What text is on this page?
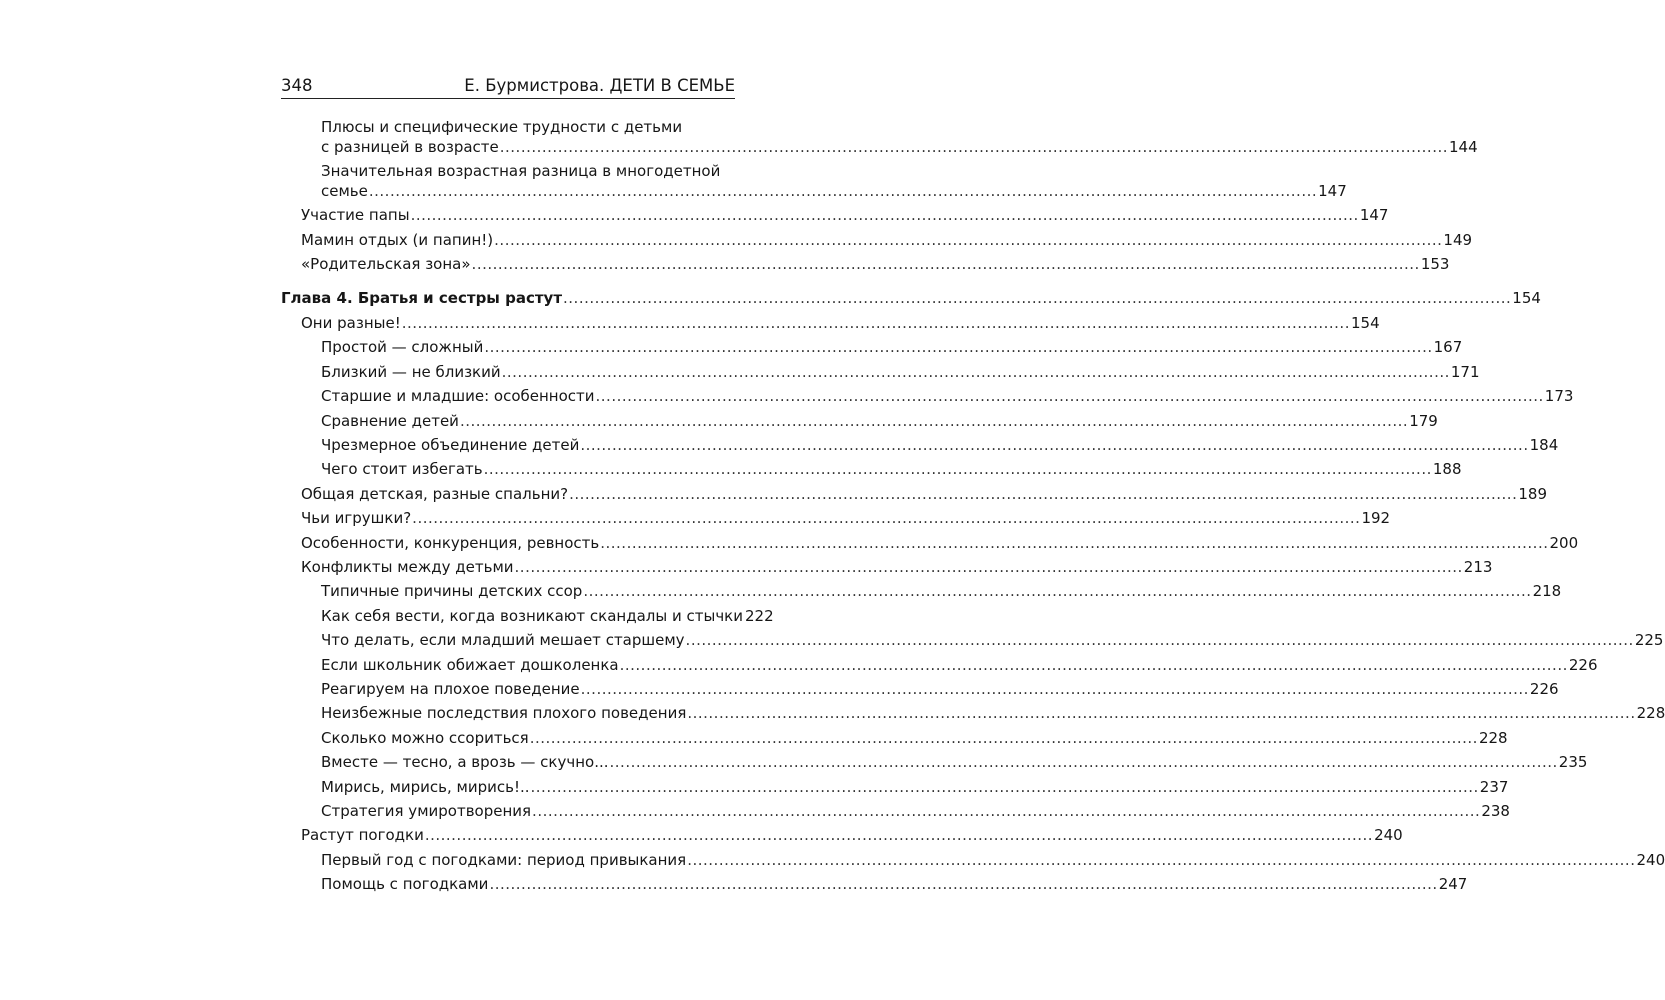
348	Е. Бурмистрова. ДЕТИ В СЕМЬЕ
Плюсы и специфические трудности с детьми
с разницей в возрасте .................................................................................................................................................................................... 144
Значительная возрастная разница в многодетной
семье .................................................................................................................................................................................... 147
Участие папы .................................................................................................................................................................................... 147
Мамин отдых (и папин!) .................................................................................................................................................................................... 149
«Родительская зона» .................................................................................................................................................................................... 153
Глава 4. Братья и сестры растут .................................................................................................................................................................................... 154
Они разные! .................................................................................................................................................................................... 154
Простой — сложный .................................................................................................................................................................................... 167
Близкий — не близкий .................................................................................................................................................................................... 171
Старшие и младшие: особенности .................................................................................................................................................................................... 173
Сравнение детей .................................................................................................................................................................................... 179
Чрезмерное объединение детей .................................................................................................................................................................................... 184
Чего стоит избегать .................................................................................................................................................................................... 188
Общая детская, разные спальни? .................................................................................................................................................................................... 189
Чьи игрушки? .................................................................................................................................................................................... 192
Особенности, конкуренция, ревность .................................................................................................................................................................................... 200
Конфликты между детьми .................................................................................................................................................................................... 213
Типичные причины детских ссор .................................................................................................................................................................................... 218
Как себя вести, когда возникают скандалы и стычки 222
Что делать, если младший мешает старшему .................................................................................................................................................................................... 225
Если школьник обижает дошколенка .................................................................................................................................................................................... 226
Реагируем на плохое поведение .................................................................................................................................................................................... 226
Неизбежные последствия плохого поведения .................................................................................................................................................................................... 228
Сколько можно ссориться .................................................................................................................................................................................... 228
Вместе — тесно, а врозь — скучно... .................................................................................................................................................................................... 235
Мирись, мирись, мирись!.. .................................................................................................................................................................................... 237
Стратегия умиротворения .................................................................................................................................................................................... 238
Растут погодки .................................................................................................................................................................................... 240
Первый год с погодками: период привыкания .................................................................................................................................................................................... 240
Помощь с погодками .................................................................................................................................................................................... 247
